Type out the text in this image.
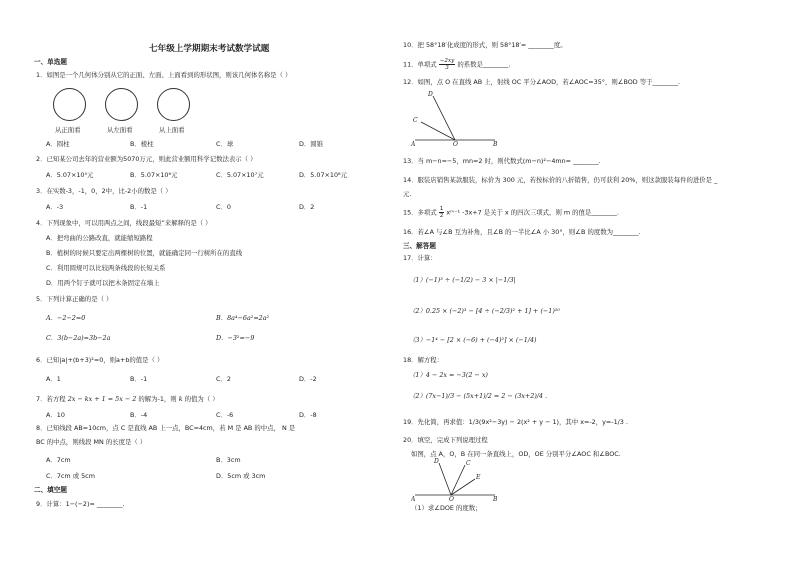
七年级上学期期末考试数学试题
一、单选题
1．如图是一个几何体分别从它的正面、左面、上面看到的形状图，则该几何体名称是（ ）
从正面看	从左面看	从上面看
A．圆柱	B．棱柱	C．球	D．圆锥
2．已知某公司去年的营业额为5070万元，则此营业额用科学记数法表示（ ）
A．5.07×10⁵元	B．5.07×10⁶元	C．5.07×10⁷元	D．5.07×10⁸元
3．在实数-3，-1，0，2中，比-2小的数是（ ）
A．-3	B．-1	C．0	D．2
4．下列现象中，可以用两点之间，线段最短”来解释的是（ ）
A．把弯曲的公路改直，就能缩短路程
B．植树的时候只要定出两棵树的位置，就能确定同一行树所在的直线
C．利用圆规可以比较两条线段的长短关系
D．用两个钉子就可以把木条固定在墙上
5．下列计算正确的是（ ）
A．−2−2=0	B．8a⁴−6a²=2a²
C．3(b−2a)=3b−2a	D．−3²=−9
6．已知|a|+(b+3)²=0，则a+b的值是（ ）
A．1	B．-1	C．2	D．-2
7．若方程 2x − kx + 1 = 5x − 2 的解为-1，则 k 的值为（ ）
A．10	B．-4	C．-6	D．-8
8．已知线段 AB=10cm，点 C 是直线 AB 上一点，BC=4cm，若 M 是 AB 的中点， N 是
BC 的中点，则线段 MN 的长度是（ ）
A．7cm	B．3cm
C．7cm 或 5cm	D．5cm 或 3cm
二、填空题
9．计算：1−(−2)= ________.
10．把 58°18′化成度的形式，则 58°18′= ________度。
11．单项式 $\frac{-2xy}{3}$ 的系数是________.
12．如图，点 O 在直线 AB 上，射线 OC 平分∠AOD，若∠AOC=35°，则∠BOD 等于________.
D
C
A	O	B
13．当 m−n=−5，mn=2 时，则代数式(m−n)²−4mn= ________.
14．服装店销售某款服装，标价为 300 元，若按标价的八折销售，仍可获利 20%，则这款服装每件的进价是 _
元.
15．多项式 $\frac{1}{2}$ xᵐ⁻¹ -3x+7 是关于 x 的四次三项式，则 m 的值是________.
16．若∠A 与∠B 互为补角，且∠B 的一半比∠A 小 30°，则∠B 的度数为________.
三、解答题
17．计算：
（1）(−1)³ ÷ (−1/2) − 3 × |−1/3|
（2）0.25 × (−2)³ − [4 ÷ (−2/3)² + 1] + (−1)²⁰
（3）−1⁴ − [2 × (−6) + (−4)²] × (−1/4)
18．解方程：
（1）4 − 2x = −3(2 − x)
（2）(7x−1)/3 − (5x+1)/2 = 2 − (3x+2)/4 .
19．先化简，再求值：1/3(9x²−3y) − 2(x² + y − 1)，其中 x=-2，y=-1/3 .
20．填空，完成下列说理过程
如图，点 A，O，B 在同一条直线上，OD，OE 分别平分∠AOC 和∠BOC.
D	C
E
A	O	B
（1）求∠DOE 的度数；
